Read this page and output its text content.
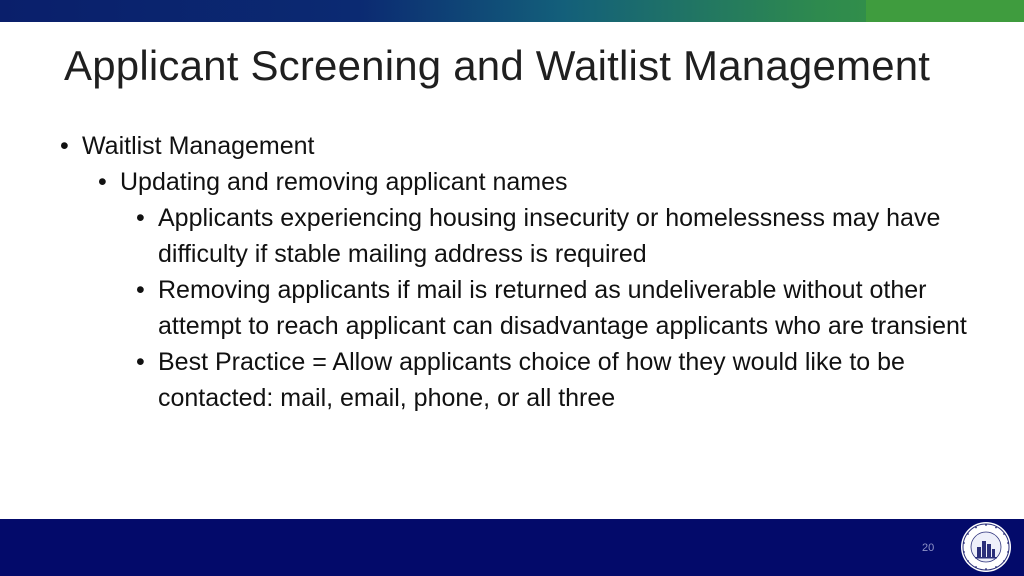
Applicant Screening and Waitlist Management

• Waitlist Management

• Updating and removing applicant names

• Applicants experiencing housing insecurity or homelessness may have difficulty if stable mailing address is required

• Removing applicants if mail is returned as undeliverable without other attempt to reach applicant can disadvantage applicants who are transient

• Best Practice = Allow applicants choice of how they would like to be contacted: mail, email, phone, or all three

20
